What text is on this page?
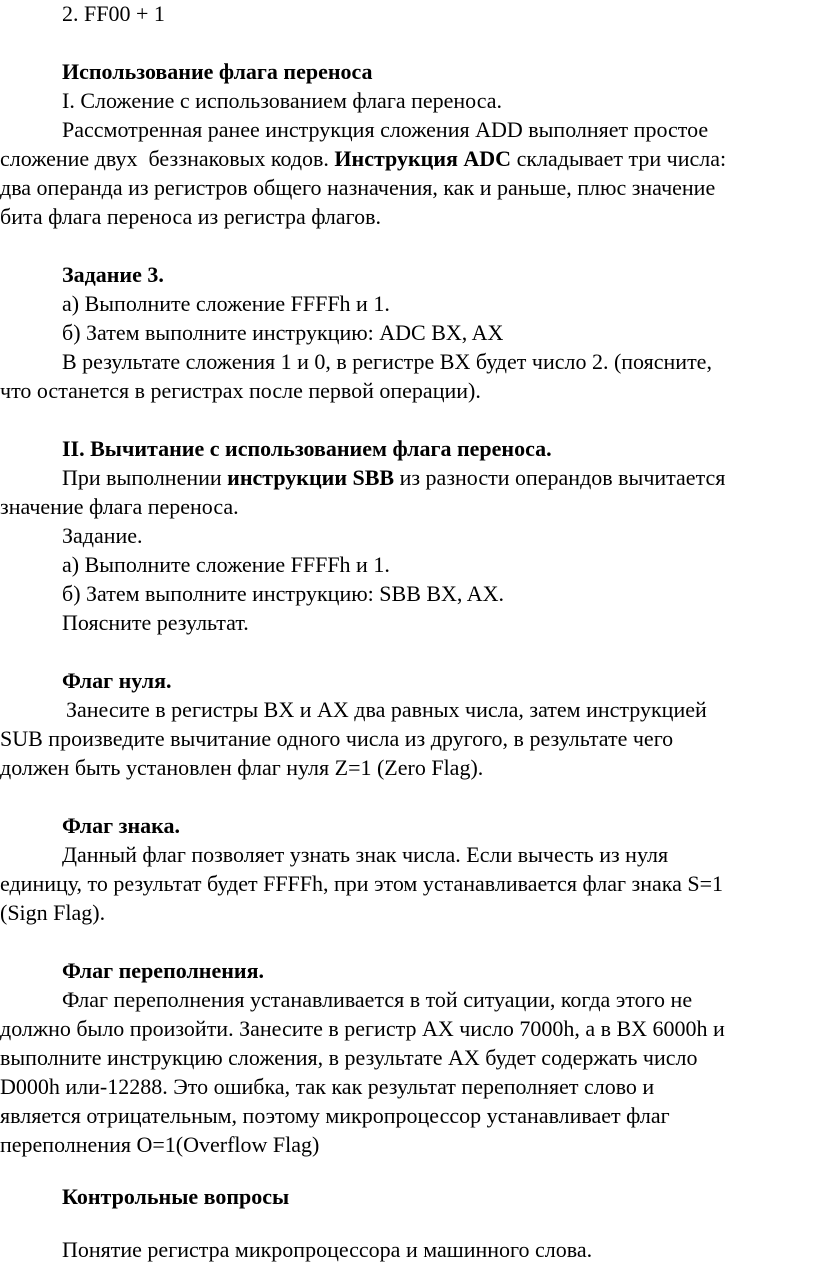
2. FF00 + 1
Использование флага переноса
I. Сложение с использованием флага переноса.
Рассмотренная ранее инструкция сложения ADD выполняет простое
сложение двух  беззнаковых кодов. Инструкция ADC складывает три числа:
два операнда из регистров общего назначения, как и раньше, плюс значение
бита флага переноса из регистра флагов.
Задание 3.
а) Выполните сложение FFFFh и 1.
б) Затем выполните инструкцию: ADC BX, AX
В результате сложения 1 и 0, в регистре BX будет число 2. (поясните,
что останется в регистрах после первой операции).
II. Вычитание с использованием флага переноса.
При выполнении инструкции SBB из разности операндов вычитается
значение флага переноса.
Задание.
а) Выполните сложение FFFFh и 1.
б) Затем выполните инструкцию: SBB BX, AX.
Поясните результат.
Флаг нуля.
Занесите в регистры BX и AX два равных числа, затем инструкцией
SUB произведите вычитание одного числа из другого, в результате чего
должен быть установлен флаг нуля Z=1 (Zero Flag).
Флаг знака.
Данный флаг позволяет узнать знак числа. Если вычесть из нуля
единицу, то результат будет FFFFh, при этом устанавливается флаг знака S=1
(Sign Flag).
Флаг переполнения.
Флаг переполнения устанавливается в той ситуации, когда этого не
должно было произойти. Занесите в регистр AX число 7000h, а в BX 6000h и
выполните инструкцию сложения, в результате AX будет содержать число
D000h или-12288. Это ошибка, так как результат переполняет слово и
является отрицательным, поэтому микропроцессор устанавливает флаг
переполнения O=1(Overflow Flag)
Контрольные вопросы
Понятие регистра микропроцессора и машинного слова.
